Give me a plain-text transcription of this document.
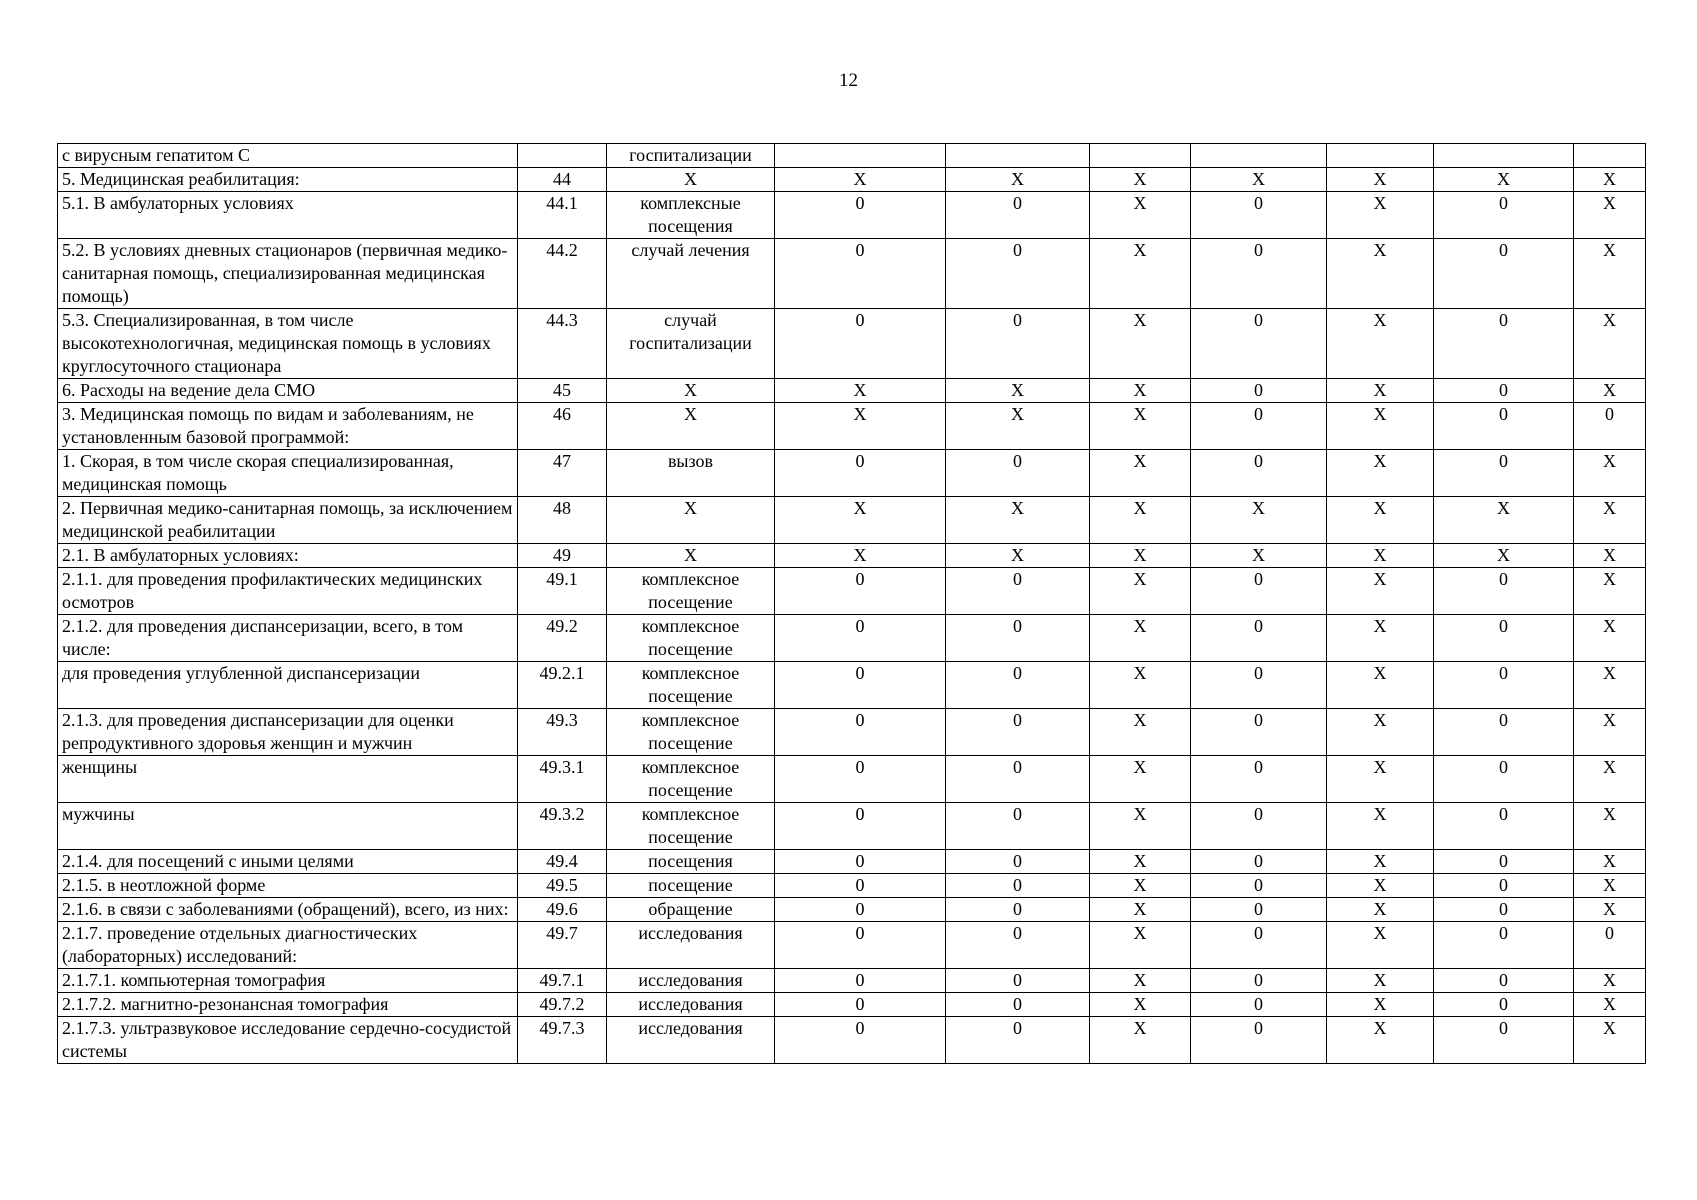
12
с вирусным гепатитом С		госпитализации							
5. Медицинская реабилитация:	44	X	X	X	X	X	X	X	X
5.1. В амбулаторных условиях	44.1	комплексные посещения	0	0	X	0	X	0	X
5.2. В условиях дневных стационаров (первичная медико-санитарная помощь, специализированная медицинская помощь)	44.2	случай лечения	0	0	X	0	X	0	X
5.3. Специализированная, в том числе высокотехнологичная, медицинская помощь в условиях круглосуточного стационара	44.3	случай госпитализации	0	0	X	0	X	0	X
6. Расходы на ведение дела СМО	45	X	X	X	X	0	X	0	X
3. Медицинская помощь по видам и заболеваниям, не установленным базовой программой:	46	X	X	X	X	0	X	0	0
1. Скорая, в том числе скорая специализированная, медицинская помощь	47	вызов	0	0	X	0	X	0	X
2. Первичная медико-санитарная помощь, за исключением медицинской реабилитации	48	X	X	X	X	X	X	X	X
2.1. В амбулаторных условиях:	49	X	X	X	X	X	X	X	X
2.1.1. для проведения профилактических медицинских осмотров	49.1	комплексное посещение	0	0	X	0	X	0	X
2.1.2. для проведения диспансеризации, всего, в том числе:	49.2	комплексное посещение	0	0	X	0	X	0	X
для проведения углубленной диспансеризации	49.2.1	комплексное посещение	0	0	X	0	X	0	X
2.1.3. для проведения диспансеризации для оценки репродуктивного здоровья женщин и мужчин	49.3	комплексное посещение	0	0	X	0	X	0	X
женщины	49.3.1	комплексное посещение	0	0	X	0	X	0	X
мужчины	49.3.2	комплексное посещение	0	0	X	0	X	0	X
2.1.4. для посещений с иными целями	49.4	посещения	0	0	X	0	X	0	X
2.1.5. в неотложной форме	49.5	посещение	0	0	X	0	X	0	X
2.1.6. в связи с заболеваниями (обращений), всего, из них:	49.6	обращение	0	0	X	0	X	0	X
2.1.7. проведение отдельных диагностических (лабораторных) исследований:	49.7	исследования	0	0	X	0	X	0	0
2.1.7.1. компьютерная томография	49.7.1	исследования	0	0	X	0	X	0	X
2.1.7.2. магнитно-резонансная томография	49.7.2	исследования	0	0	X	0	X	0	X
2.1.7.3. ультразвуковое исследование сердечно-сосудистой системы	49.7.3	исследования	0	0	X	0	X	0	X
